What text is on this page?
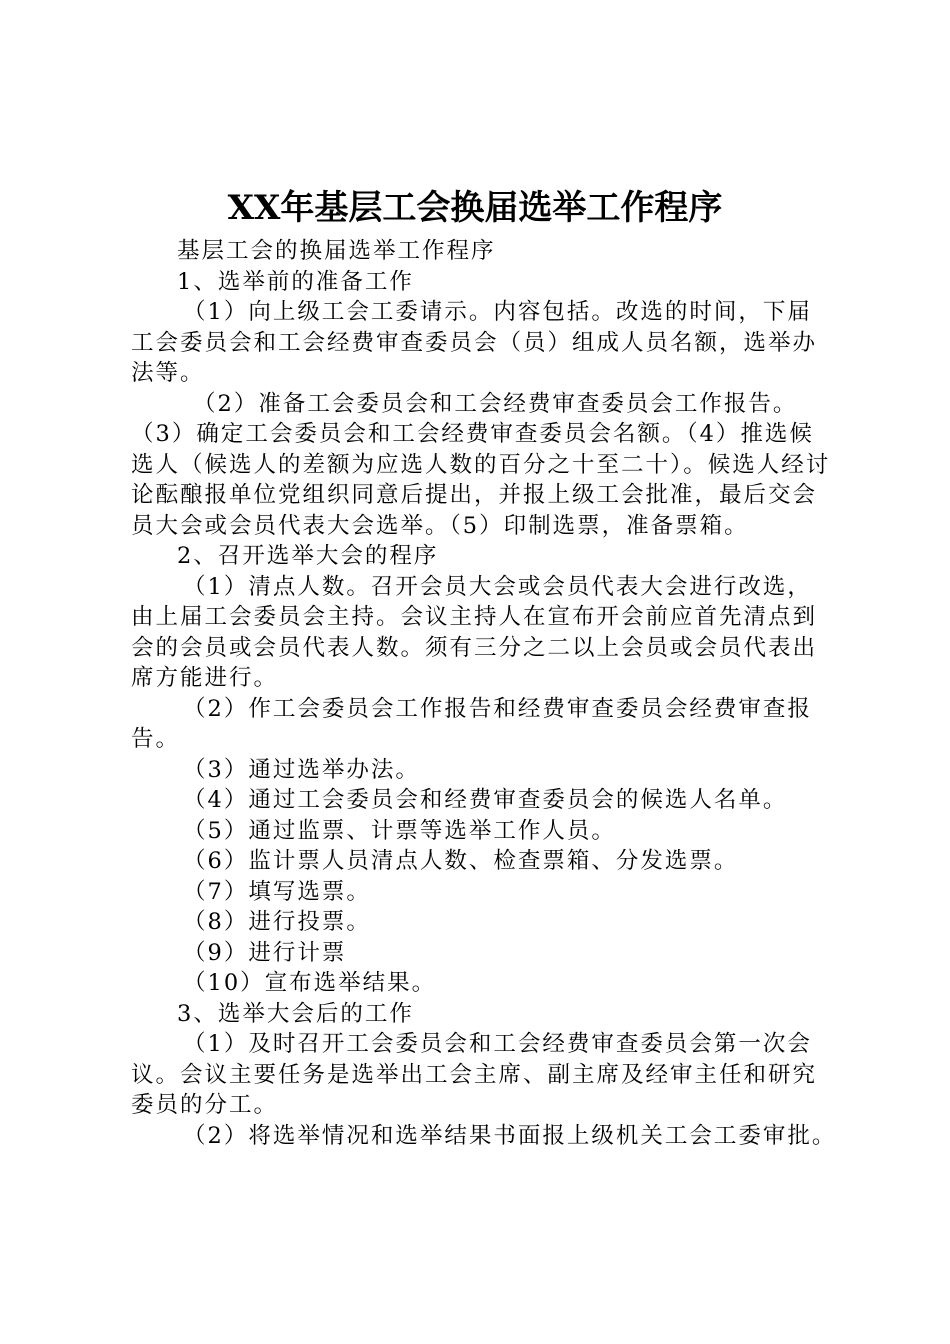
XX年基层工会换届选举工作程序

基层工会的换届选举工作程序

1、选举前的准备工作

（1）向上级工会工委请示。内容包括。改选的时间，下届工会委员会和工会经费审查委员会（员）组成人员名额，选举办法等。

（2）准备工会委员会和工会经费审查委员会工作报告。

（3）确定工会委员会和工会经费审查委员会名额。（4）推选候选人（候选人的差额为应选人数的百分之十至二十）。候选人经讨论酝酿报单位党组织同意后提出，并报上级工会批准，最后交会员大会或会员代表大会选举。（5）印制选票，准备票箱。

2、召开选举大会的程序

（1）清点人数。召开会员大会或会员代表大会进行改选，由上届工会委员会主持。会议主持人在宣布开会前应首先清点到会的会员或会员代表人数。须有三分之二以上会员或会员代表出席方能进行。

（2）作工会委员会工作报告和经费审查委员会经费审查报告。

（3）通过选举办法。

（4）通过工会委员会和经费审查委员会的候选人名单。

（5）通过监票、计票等选举工作人员。

（6）监计票人员清点人数、检查票箱、分发选票。

（7）填写选票。

（8）进行投票。

（9）进行计票

（10）宣布选举结果。

3、选举大会后的工作

（1）及时召开工会委员会和工会经费审查委员会第一次会议。会议主要任务是选举出工会主席、副主席及经审主任和研究委员的分工。

（2）将选举情况和选举结果书面报上级机关工会工委审批。
